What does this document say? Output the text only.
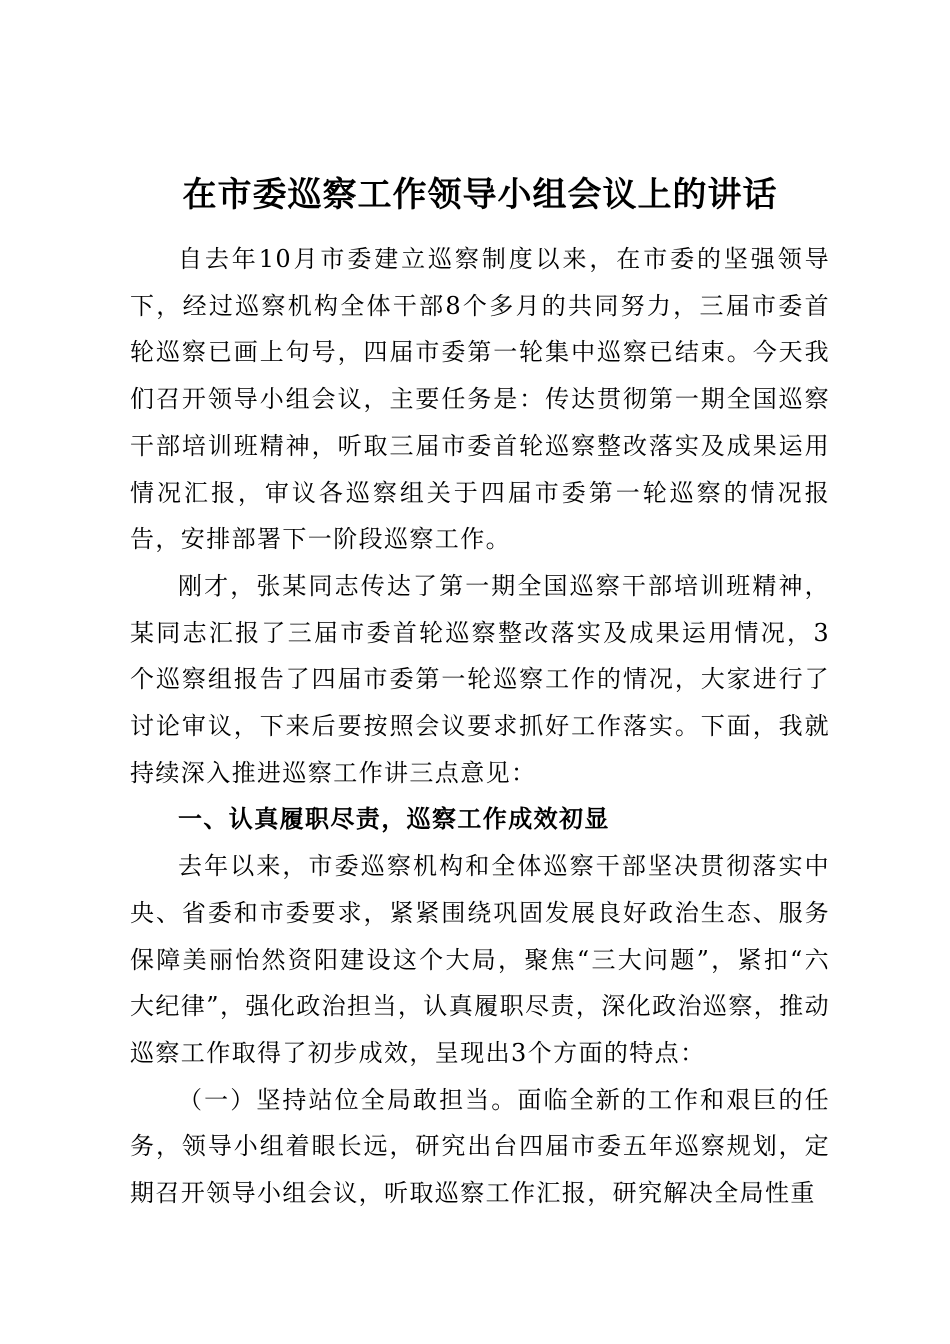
在市委巡察工作领导小组会议上的讲话

自去年10月市委建立巡察制度以来，在市委的坚强领导下，经过巡察机构全体干部8个多月的共同努力，三届市委首轮巡察已画上句号，四届市委第一轮集中巡察已结束。今天我们召开领导小组会议，主要任务是：传达贯彻第一期全国巡察干部培训班精神，听取三届市委首轮巡察整改落实及成果运用情况汇报，审议各巡察组关于四届市委第一轮巡察的情况报告，安排部署下一阶段巡察工作。

刚才，张某同志传达了第一期全国巡察干部培训班精神，某同志汇报了三届市委首轮巡察整改落实及成果运用情况，3个巡察组报告了四届市委第一轮巡察工作的情况，大家进行了讨论审议，下来后要按照会议要求抓好工作落实。下面，我就持续深入推进巡察工作讲三点意见：

一、认真履职尽责，巡察工作成效初显

去年以来，市委巡察机构和全体巡察干部坚决贯彻落实中央、省委和市委要求，紧紧围绕巩固发展良好政治生态、服务保障美丽怡然资阳建设这个大局，聚焦“三大问题”，紧扣“六大纪律”，强化政治担当，认真履职尽责，深化政治巡察，推动巡察工作取得了初步成效，呈现出3个方面的特点：

（一）坚持站位全局敢担当。面临全新的工作和艰巨的任务，领导小组着眼长远，研究出台四届市委五年巡察规划，定期召开领导小组会议，听取巡察工作汇报，研究解决全局性重
